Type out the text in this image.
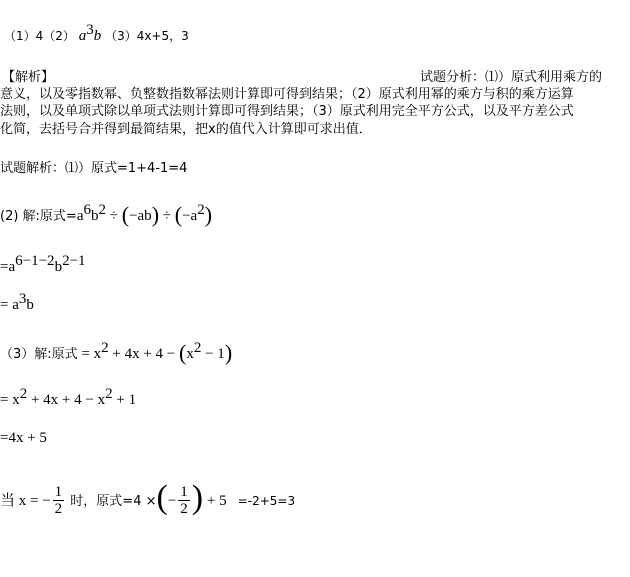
（1）4（2） $a^3b$ （3）4x+5，3
【解析】	试题分析：⑴）原式利用乘方的
意义，以及零指数幂、负整数指数幂法则计算即可得到结果；（2）原式利用幂的乘方与积的乘方运算
法则，以及单项式除以单项式法则计算即可得到结果；（3）原式利用完全平方公式，以及平方差公式
化简，去括号合并得到最简结果，把x的值代入计算即可求出值．
试题解析：⑴）原式=1+4-1=4
(2) 解:原式$=a^6b^2 \div (-ab) \div (-a^2)$
$=a^{6-1-2}b^{2-1}$
= $a^3b$
（3）解:原式 = $x^2 + 4x + 4 - (x^2 - 1)$
= $x^2 + 4x + 4 - x^2 + 1$
=4x + 5
当 x = − $\frac{1}{2}$ 时，原式=4 ×(− $\frac{1}{2}$ ) + 5 =-2+5=3
